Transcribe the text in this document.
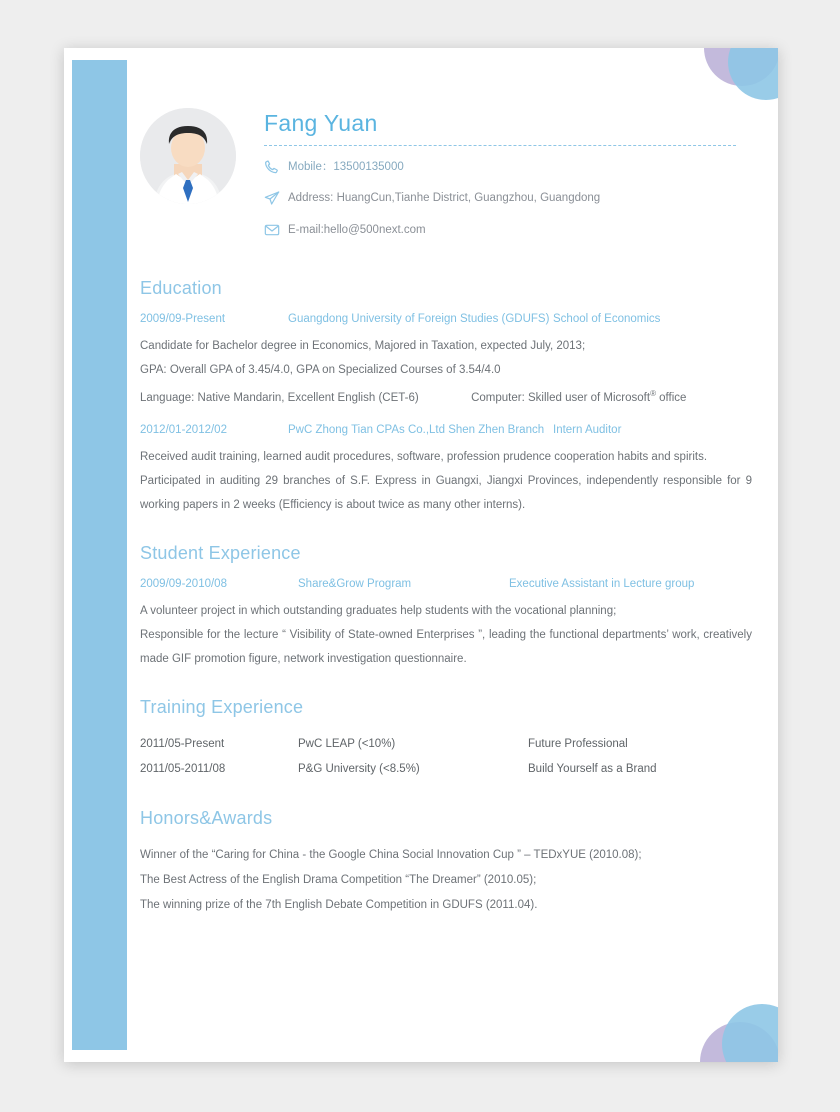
Fang Yuan
Mobile：13500135000
Address: HuangCun,Tianhe District, Guangzhou, Guangdong
E-mail:hello@500next.com
Education
2009/09-Present	Guangdong University of Foreign Studies (GDUFS) School of Economics
Candidate for Bachelor degree in Economics, Majored in Taxation, expected July, 2013;
GPA: Overall GPA of 3.45/4.0, GPA on Specialized Courses of 3.54/4.0
Language: Native Mandarin, Excellent English (CET-6)	Computer: Skilled user of Microsoft® office
2012/01-2012/02	PwC Zhong Tian CPAs Co.,Ltd Shen Zhen Branch Intern Auditor
Received audit training, learned audit procedures, software, profession prudence cooperation habits and spirits.
Participated in auditing 29 branches of S.F. Express in Guangxi, Jiangxi Provinces, independently responsible for 9 working papers in 2 weeks (Efficiency is about twice as many other interns).
Student Experience
2009/09-2010/08	Share&Grow Program	Executive Assistant in Lecture group
A volunteer project in which outstanding graduates help students with the vocational planning;
Responsible for the lecture “ Visibility of State-owned Enterprises ”, leading the functional departments’ work, creatively made GIF promotion figure, network investigation questionnaire.
Training Experience
2011/05-Present	PwC LEAP (<10%)	Future Professional
2011/05-2011/08	P&G University (<8.5%)	Build Yourself as a Brand
Honors&Awards
Winner of the “Caring for China - the Google China Social Innovation Cup ” – TEDxYUE (2010.08);
The Best Actress of the English Drama Competition “The Dreamer” (2010.05);
The winning prize of the 7th English Debate Competition in GDUFS (2011.04).
